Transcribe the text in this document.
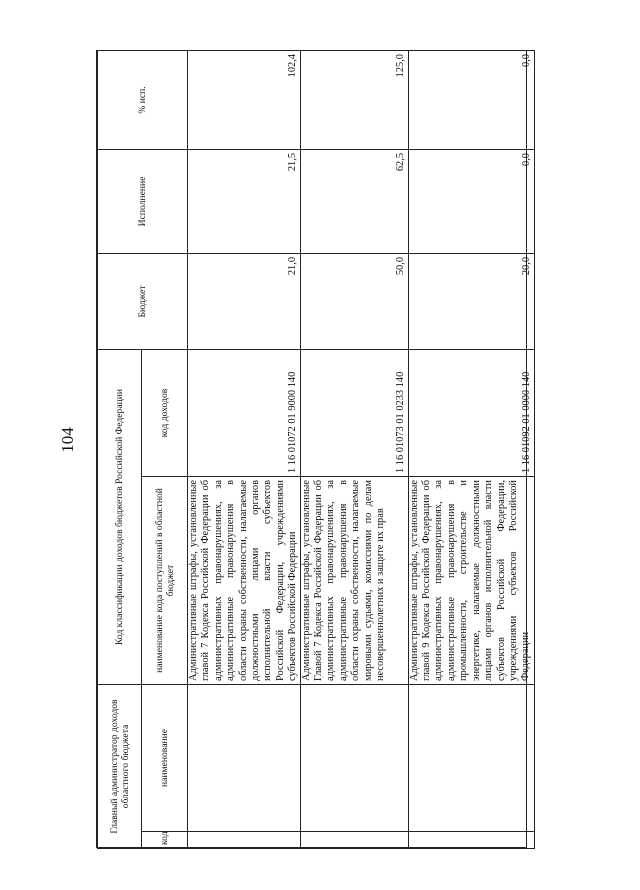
104
Главный администратор доходов областного бюджета		Код классификации доходов бюджетов Российской Федерации		Бюджет	Исполнение	% исп.
код	наименование	наименование кода поступлений в областной бюджет	код доходов			
		Административные штрафы, установленные главой 7 Кодекса Российской Федерации об административных правонарушениях, за административные правонарушения в области охраны собственности, налагаемые должностными лицами органов исполнительной власти субъектов Российской Федерации, учреждениями субъектов Российской Федерации	1 16 01072 01 9000 140	21,0	21,5	102,4
		Административные штрафы, установленные Главой 7 Кодекса Российской Федерации об административных правонарушениях, за административные правонарушения в области охраны собственности, налагаемые мировыми судьями, комиссиями по делам несовершеннолетних и защите их прав	1 16 01073 01 0233 140	50,0	62,5	125,0
		Административные штрафы, установленные главой 9 Кодекса Российской Федерации об административных правонарушениях, за административные правонарушения в промышленности, строительстве и энергетике, налагаемые должностными лицами органов исполнительной власти субъектов Российской Федерации, учреждениями субъектов Российской Федерации	1 16 01092 01 0000 140	20,0	0,0	0,0
